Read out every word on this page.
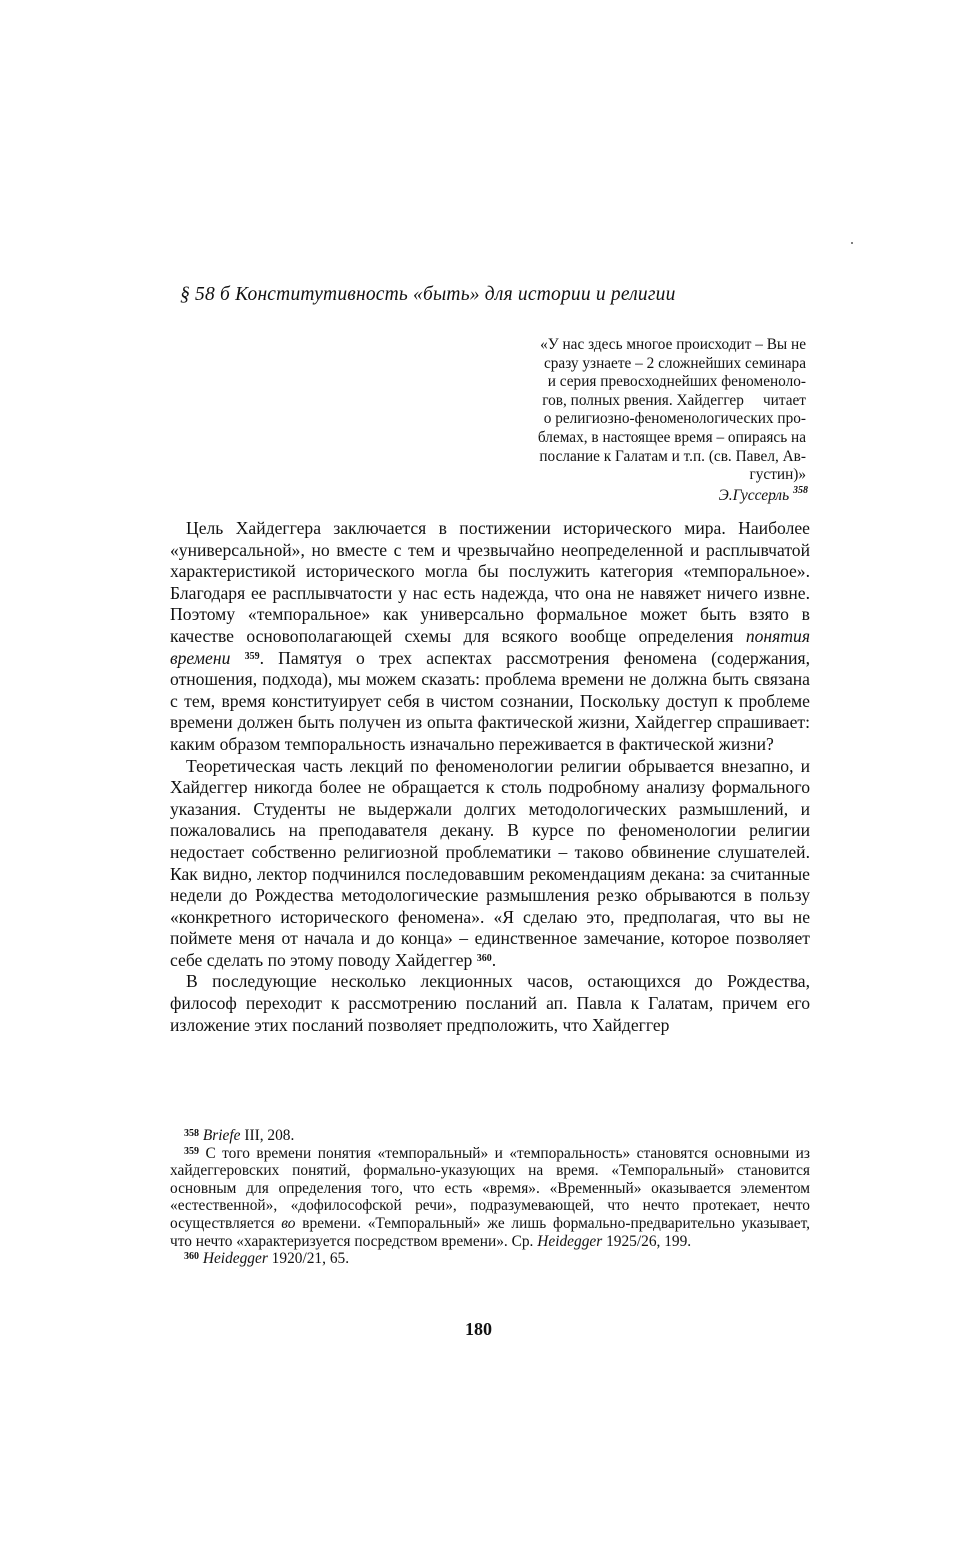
§ 58 б Конститутивность «быть» для истории и религии
«У нас здесь многое происходит – Вы не
сразу узнаете – 2 сложнейших семинара
и серия превосходнейших феноменоло-
гов, полных рвения. Хайдеггер     читает
о религиозно-феноменологических про-
блемах, в настоящее время – опираясь на
послание к Галатам и т.п. (св. Павел, Ав-
густин)»
Э.Гуссерль $^{358}$

Цель Хайдеггера заключается в постижении исторического мира. Наиболее «универсальной», но вместе с тем и чрезвычайно неопределенной и расплывчатой характеристикой исторического могла бы послужить категория «темпоральное». Благодаря ее расплывчатости у нас есть надежда, что она не навяжет ничего извне. Поэтому «темпоральное» как универсально формальное может быть взято в качестве основополагающей схемы для всякого вообще определения понятия времени $^{359}$. Памятуя о трех аспектах рассмотрения феномена (содержания, отношения, подхода), мы можем сказать: проблема времени не должна быть связана с тем, время конституирует себя в чистом сознании, Поскольку доступ к проблеме времени должен быть получен из опыта фактической жизни, Хайдеггер спрашивает: каким образом темпоральность изначально переживается в фактической жизни?

Теоретическая часть лекций по феноменологии религии обрывается внезапно, и Хайдеггер никогда более не обращается к столь подробному анализу формального указания. Студенты не выдержали долгих методологических размышлений, и пожаловались на преподавателя декану. В курсе по феноменологии религии недостает собственно религиозной проблематики – таково обвинение слушателей. Как видно, лектор подчинился последовавшим рекомендациям декана: за считанные недели до Рождества методологические размышления резко обрываются в пользу «конкретного исторического феномена». «Я сделаю это, предполагая, что вы не поймете меня от начала и до конца» – единственное замечание, которое позволяет себе сделать по этому поводу Хайдеггер $^{360}$.

В последующие несколько лекционных часов, остающихся до Рождества, философ переходит к рассмотрению посланий ап. Павла к Галатам, причем его изложение этих посланий позволяет предположить, что Хайдеггер

$^{358}$ Briefe III, 208.

$^{359}$ С того времени понятия «темпоральный» и «темпоральность» становятся основными из хайдеггеровских понятий, формально-указующих на время. «Темпоральный» становится основным для определения того, что есть «время». «Временный» оказывается элементом «естественной», «дофилософской речи», подразумевающей, что нечто протекает, нечто осуществляется во времени. «Темпоральный» же лишь формально-предварительно указывает, что нечто «характеризуется посредством времени». Ср. Heidegger 1925/26, 199.

$^{360}$ Heidegger 1920/21, 65.

180
